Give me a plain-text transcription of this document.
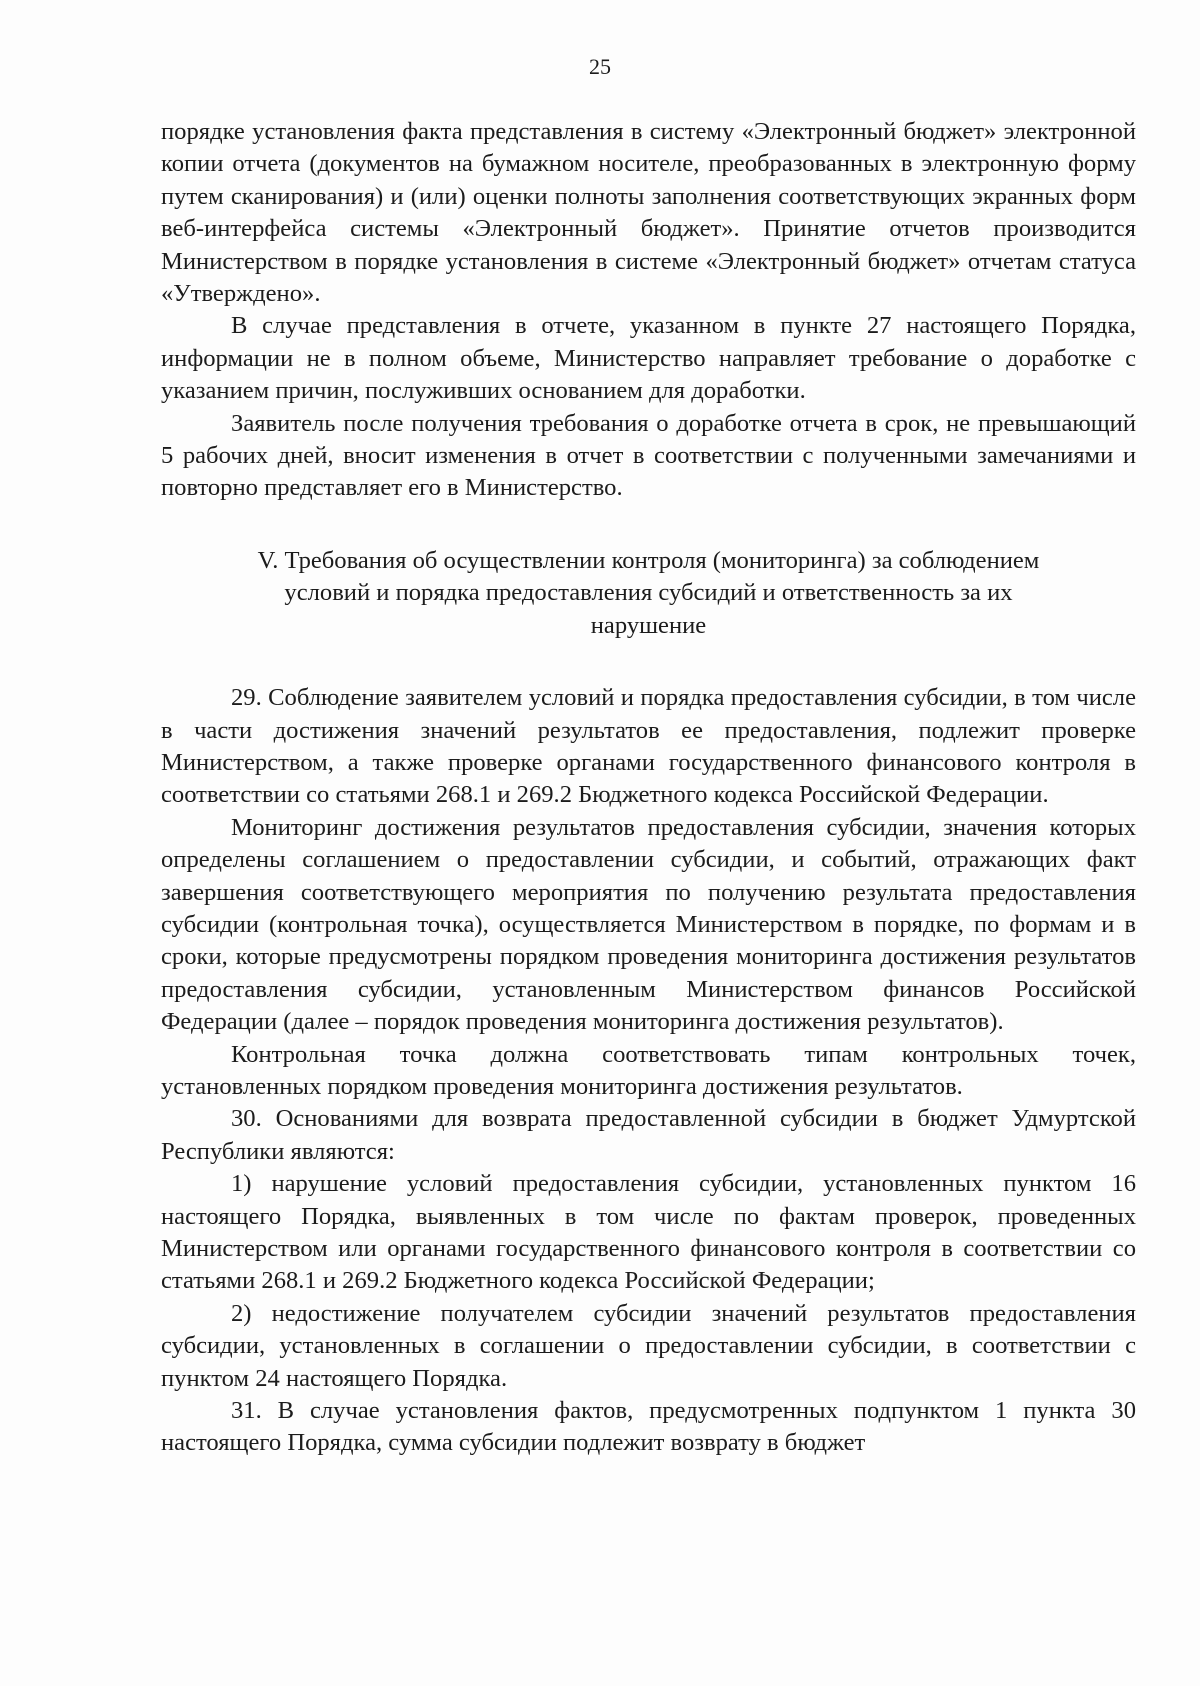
25

порядке установления факта представления в систему «Электронный бюджет» электронной копии отчета (документов на бумажном носителе, преобразованных в электронную форму путем сканирования) и (или) оценки полноты заполнения соответствующих экранных форм веб-интерфейса системы «Электронный бюджет». Принятие отчетов производится Министерством в порядке установления в системе «Электронный бюджет» отчетам статуса «Утверждено».

В случае представления в отчете, указанном в пункте 27 настоящего Порядка, информации не в полном объеме, Министерство направляет требование о доработке с указанием причин, послуживших основанием для доработки.

Заявитель после получения требования о доработке отчета в срок, не превышающий 5 рабочих дней, вносит изменения в отчет в соответствии с полученными замечаниями и повторно представляет его в Министерство.

V. Требования об осуществлении контроля (мониторинга) за соблюдением условий и порядка предоставления субсидий и ответственность за их нарушение

29. Соблюдение заявителем условий и порядка предоставления субсидии, в том числе в части достижения значений результатов ее предоставления, подлежит проверке Министерством, а также проверке органами государственного финансового контроля в соответствии со статьями 268.1 и 269.2 Бюджетного кодекса Российской Федерации.

Мониторинг достижения результатов предоставления субсидии, значения которых определены соглашением о предоставлении субсидии, и событий, отражающих факт завершения соответствующего мероприятия по получению результата предоставления субсидии (контрольная точка), осуществляется Министерством в порядке, по формам и в сроки, которые предусмотрены порядком проведения мониторинга достижения результатов предоставления субсидии, установленным Министерством финансов Российской Федерации (далее – порядок проведения мониторинга достижения результатов).

Контрольная точка должна соответствовать типам контрольных точек, установленных порядком проведения мониторинга достижения результатов.

30. Основаниями для возврата предоставленной субсидии в бюджет Удмуртской Республики являются:

1) нарушение условий предоставления субсидии, установленных пунктом 16 настоящего Порядка, выявленных в том числе по фактам проверок, проведенных Министерством или органами государственного финансового контроля в соответствии со статьями 268.1 и 269.2 Бюджетного кодекса Российской Федерации;

2) недостижение получателем субсидии значений результатов предоставления субсидии, установленных в соглашении о предоставлении субсидии, в соответствии с пунктом 24 настоящего Порядка.

31. В случае установления фактов, предусмотренных подпунктом 1 пункта 30 настоящего Порядка, сумма субсидии подлежит возврату в бюджет
